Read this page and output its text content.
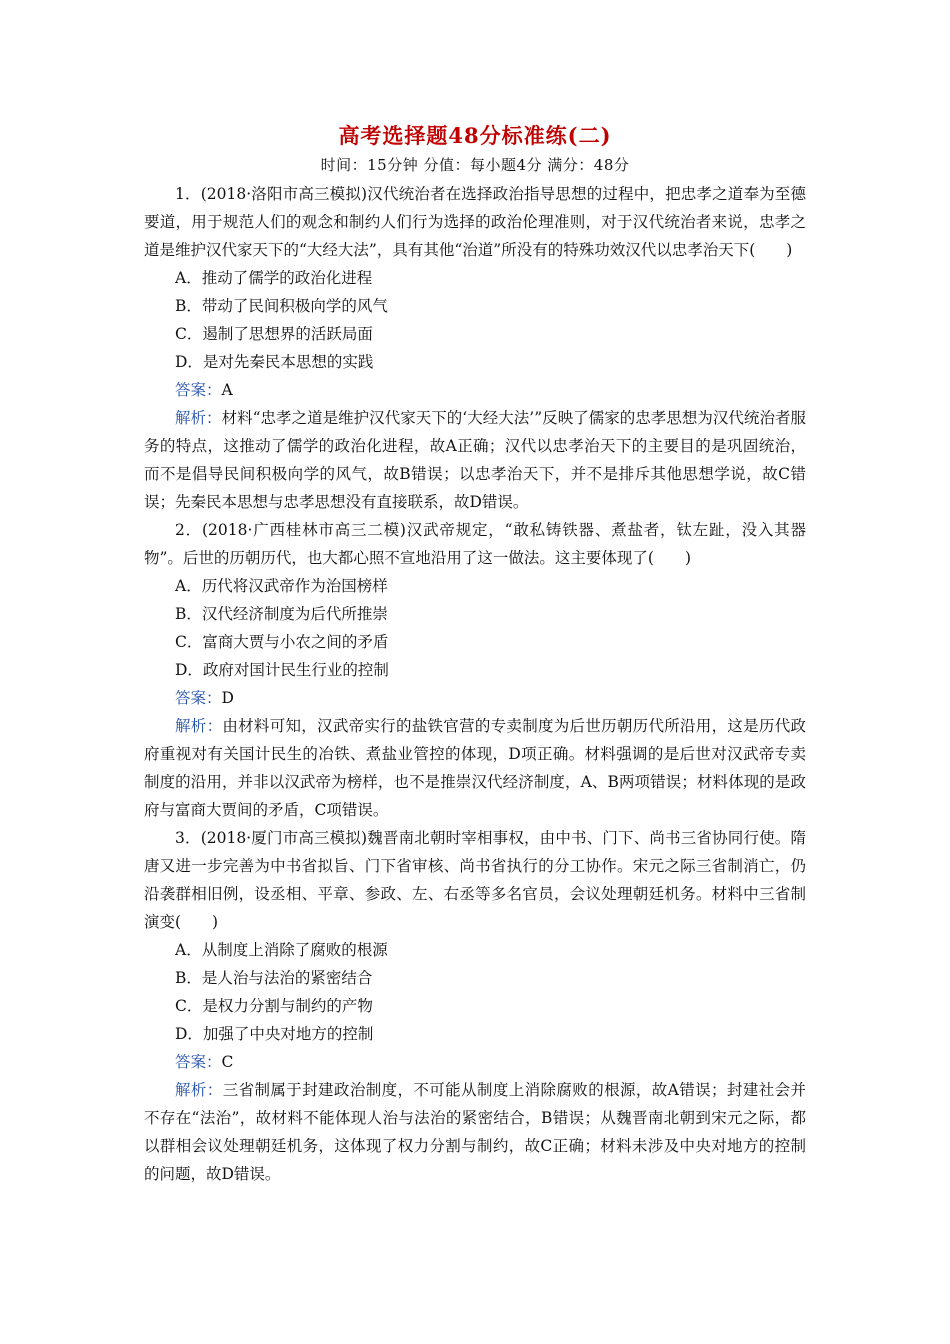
高考选择题48分标准练(二)
时间：15分钟 分值：每小题4分 满分：48分

1．(2018·洛阳市高三模拟)汉代统治者在选择政治指导思想的过程中，把忠孝之道奉为至德要道，用于规范人们的观念和制约人们行为选择的政治伦理准则，对于汉代统治者来说，忠孝之道是维护汉代家天下的“大经大法”，具有其他“治道”所没有的特殊功效汉代以忠孝治天下(　　)

A．推动了儒学的政治化进程

B．带动了民间积极向学的风气

C．遏制了思想界的活跃局面

D．是对先秦民本思想的实践

答案：A

解析：材料“忠孝之道是维护汉代家天下的‘大经大法’”反映了儒家的忠孝思想为汉代统治者服务的特点，这推动了儒学的政治化进程，故A正确；汉代以忠孝治天下的主要目的是巩固统治，而不是倡导民间积极向学的风气，故B错误；以忠孝治天下，并不是排斥其他思想学说，故C错误；先秦民本思想与忠孝思想没有直接联系，故D错误。

2．(2018·广西桂林市高三二模)汉武帝规定，“敢私铸铁器、煮盐者，钛左趾，没入其器物”。后世的历朝历代，也大都心照不宣地沿用了这一做法。这主要体现了(　　)

A．历代将汉武帝作为治国榜样

B．汉代经济制度为后代所推崇

C．富商大贾与小农之间的矛盾

D．政府对国计民生行业的控制

答案：D

解析：由材料可知，汉武帝实行的盐铁官营的专卖制度为后世历朝历代所沿用，这是历代政府重视对有关国计民生的冶铁、煮盐业管控的体现，D项正确。材料强调的是后世对汉武帝专卖制度的沿用，并非以汉武帝为榜样，也不是推崇汉代经济制度，A、B两项错误；材料体现的是政府与富商大贾间的矛盾，C项错误。

3．(2018·厦门市高三模拟)魏晋南北朝时宰相事权，由中书、门下、尚书三省协同行使。隋唐又进一步完善为中书省拟旨、门下省审核、尚书省执行的分工协作。宋元之际三省制消亡，仍沿袭群相旧例，设丞相、平章、参政、左、右丞等多名官员，会议处理朝廷机务。材料中三省制演变(　　)

A．从制度上消除了腐败的根源

B．是人治与法治的紧密结合

C．是权力分割与制约的产物

D．加强了中央对地方的控制

答案：C

解析：三省制属于封建政治制度，不可能从制度上消除腐败的根源，故A错误；封建社会并不存在“法治”，故材料不能体现人治与法治的紧密结合，B错误；从魏晋南北朝到宋元之际，都以群相会议处理朝廷机务，这体现了权力分割与制约，故C正确；材料未涉及中央对地方的控制的问题，故D错误。
